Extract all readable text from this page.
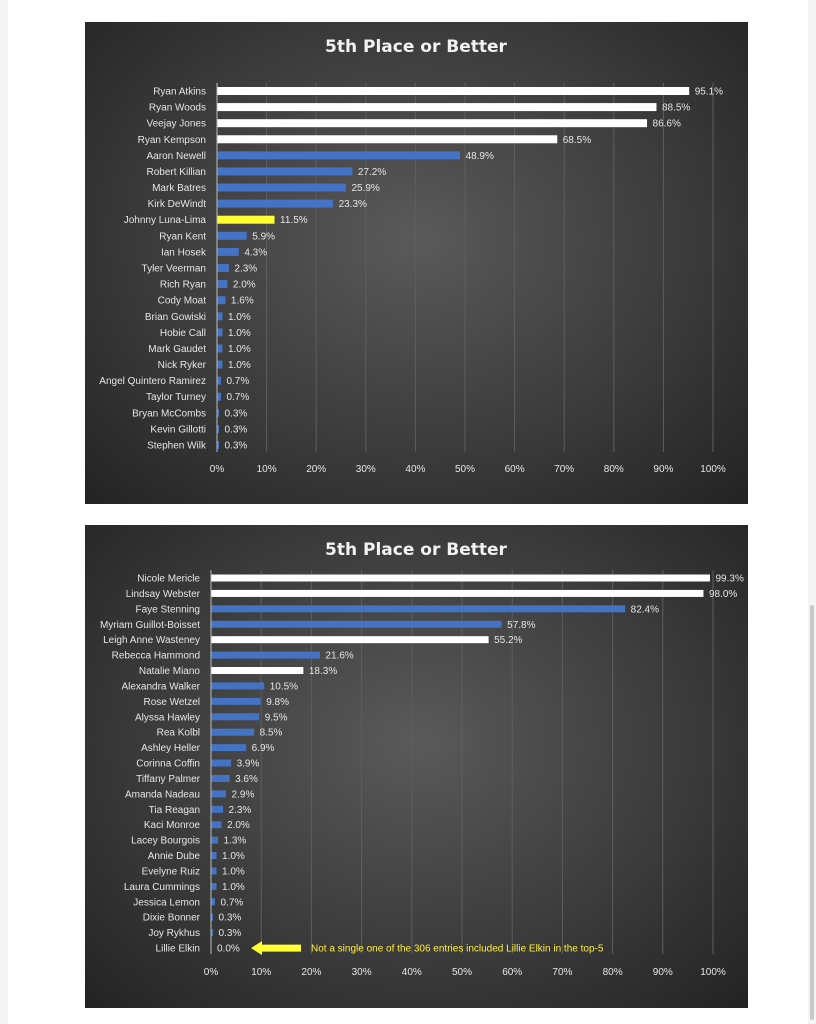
5th Place or Better
0%	10%	20%	30%	40%	50%	60%	70%	80%	90%	100%
Ryan Atkins	95.1%
Ryan Woods	88.5%
Veejay Jones	86.6%
Ryan Kempson	68.5%
Aaron Newell	48.9%
Robert Killian	27.2%
Mark Batres	25.9%
Kirk DeWindt	23.3%
Johnny Luna-Lima	11.5%
Ryan Kent	5.9%
Ian Hosek	4.3%
Tyler Veerman	2.3%
Rich Ryan	2.0%
Cody Moat 1.6%
Brian Gowiski 1.0%
Hobie Call 1.0%
Mark Gaudet 1.0%
Nick Ryker 1.0%
Angel Quintero Ramirez 0.7%
Taylor Turney 0.7%
Bryan McCombs 0.3%
Kevin Gillotti 0.3%
Stephen Wilk 0.3%
5th Place or Better
0%	10%	20%	30%	40%	50%	60%	70%	80%	90%	100%
Nicole Mericle	99.3%
Lindsay Webster	98.0%
Faye Stenning	82.4%
Myriam Guillot-Boisset	57.8%
Leigh Anne Wasteney	55.2%
Rebecca Hammond	21.6%
Natalie Miano	18.3%
Alexandra Walker	10.5%
Rose Wetzel	9.8%
Alyssa Hawley	9.5%
Rea Kolbl	8.5%
Ashley Heller	6.9%
Corinna Coffin	3.9%
Tiffany Palmer	3.6%
Amanda Nadeau	2.9%
Tia Reagan	2.3%
Kaci Monroe	2.0%
Lacey Bourgois 1.3%
Annie Dube 1.0%
Evelyne Ruiz 1.0%
Laura Cummings 1.0%
Jessica Lemon 0.7%
Dixie Bonner 0.3%
Joy Rykhus 0.3%
Lillie Elkin 0.0%	Not a single one of the 306 entries included Lillie Elkin in the top-5
